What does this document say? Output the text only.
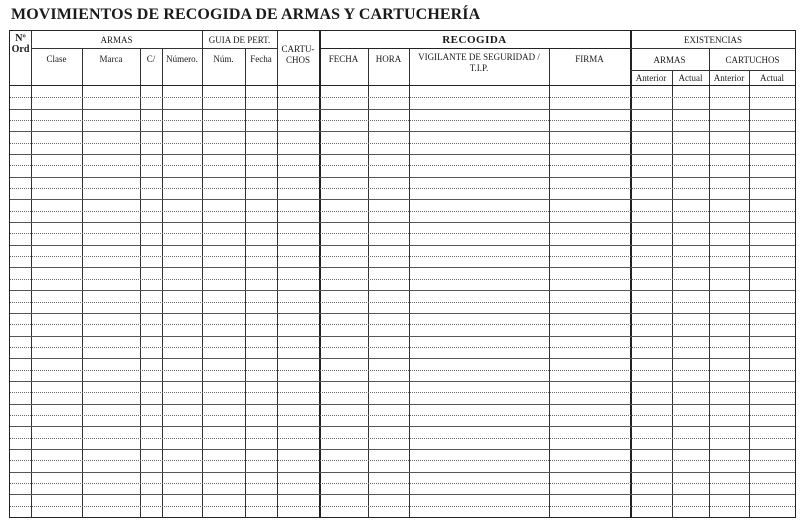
MOVIMIENTOS DE RECOGIDA DE ARMAS Y CARTUCHERÍA
Nº
Ord
ARMAS
Clase	Marca	C/	Número.
GUIA DE PERT.
Núm.	Fecha
CARTU-
CHOS
RECOGIDA
FECHA	HORA	VIGILANTE DE SEGURIDAD /
T.I.P.
FIRMA
EXISTENCIAS
ARMAS	CARTUCHOS
Anterior	Actual	Anterior	Actual
